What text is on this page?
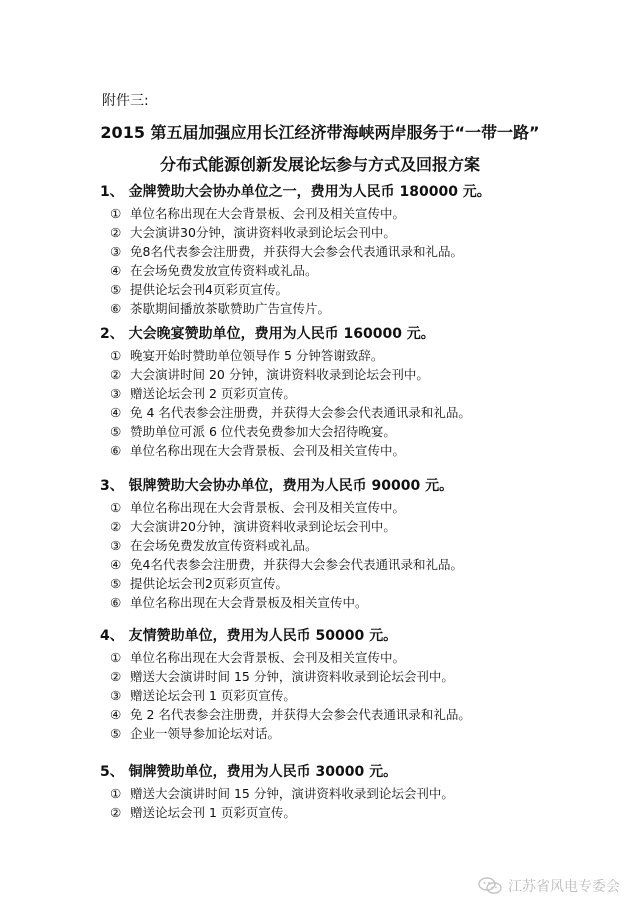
附件三:
2015 第五届加强应用长江经济带海峡两岸服务于“一带一路”
分布式能源创新发展论坛参与方式及回报方案
1、 金牌赞助大会协办单位之一，费用为人民币 180000 元。
① 单位名称出现在大会背景板、会刊及相关宣传中。
② 大会演讲30分钟，演讲资料收录到论坛会刊中。
③ 免8名代表参会注册费，并获得大会参会代表通讯录和礼品。
④ 在会场免费发放宣传资料或礼品。
⑤ 提供论坛会刊4页彩页宣传。
⑥ 茶歇期间播放茶歇赞助广告宣传片。
2、 大会晚宴赞助单位，费用为人民币 160000 元。
① 晚宴开始时赞助单位领导作 5 分钟答谢致辞。
② 大会演讲时间 20 分钟，演讲资料收录到论坛会刊中。
③ 赠送论坛会刊 2 页彩页宣传。
④ 免 4 名代表参会注册费，并获得大会参会代表通讯录和礼品。
⑤ 赞助单位可派 6 位代表免费参加大会招待晚宴。
⑥ 单位名称出现在大会背景板、会刊及相关宣传中。
3、 银牌赞助大会协办单位，费用为人民币 90000 元。
① 单位名称出现在大会背景板、会刊及相关宣传中。
② 大会演讲20分钟，演讲资料收录到论坛会刊中。
③ 在会场免费发放宣传资料或礼品。
④ 免4名代表参会注册费，并获得大会参会代表通讯录和礼品。
⑤ 提供论坛会刊2页彩页宣传。
⑥ 单位名称出现在大会背景板及相关宣传中。
4、 友情赞助单位，费用为人民币 50000 元。
① 单位名称出现在大会背景板、会刊及相关宣传中。
② 赠送大会演讲时间 15 分钟，演讲资料收录到论坛会刊中。
③ 赠送论坛会刊 1 页彩页宣传。
④ 免 2 名代表参会注册费，并获得大会参会代表通讯录和礼品。
⑤ 企业一领导参加论坛对话。
5、 铜牌赞助单位，费用为人民币 30000 元。
① 赠送大会演讲时间 15 分钟，演讲资料收录到论坛会刊中。
② 赠送论坛会刊 1 页彩页宣传。
江苏省风电专委会
